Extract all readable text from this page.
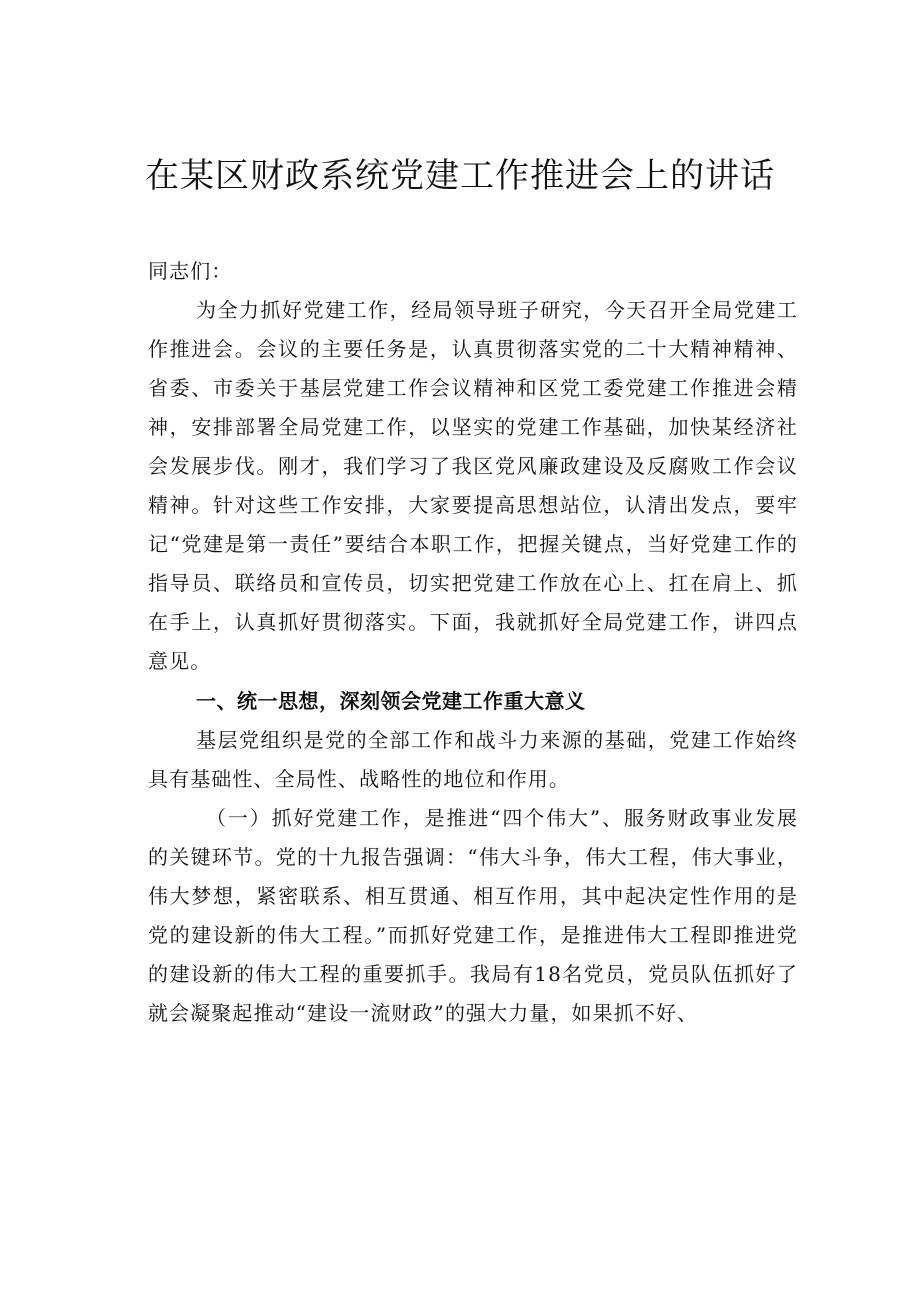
在某区财政系统党建工作推进会上的讲话

同志们：

为全力抓好党建工作，经局领导班子研究，今天召开全局党建工作推进会。会议的主要任务是，认真贯彻落实党的二十大精神精神、省委、市委关于基层党建工作会议精神和区党工委党建工作推进会精神，安排部署全局党建工作，以坚实的党建工作基础，加快某经济社会发展步伐。刚才，我们学习了我区党风廉政建设及反腐败工作会议精神。针对这些工作安排，大家要提高思想站位，认清出发点，要牢记“党建是第一责任”要结合本职工作，把握关键点，当好党建工作的指导员、联络员和宣传员，切实把党建工作放在心上、扛在肩上、抓在手上，认真抓好贯彻落实。下面，我就抓好全局党建工作，讲四点意见。

一、统一思想，深刻领会党建工作重大意义

基层党组织是党的全部工作和战斗力来源的基础，党建工作始终具有基础性、全局性、战略性的地位和作用。

（一）抓好党建工作，是推进“四个伟大”、服务财政事业发展的关键环节。党的十九报告强调：“伟大斗争，伟大工程，伟大事业，伟大梦想，紧密联系、相互贯通、相互作用，其中起决定性作用的是党的建设新的伟大工程。”而抓好党建工作，是推进伟大工程即推进党的建设新的伟大工程的重要抓手。我局有18名党员，党员队伍抓好了就会凝聚起推动“建设一流财政”的强大力量，如果抓不好、
